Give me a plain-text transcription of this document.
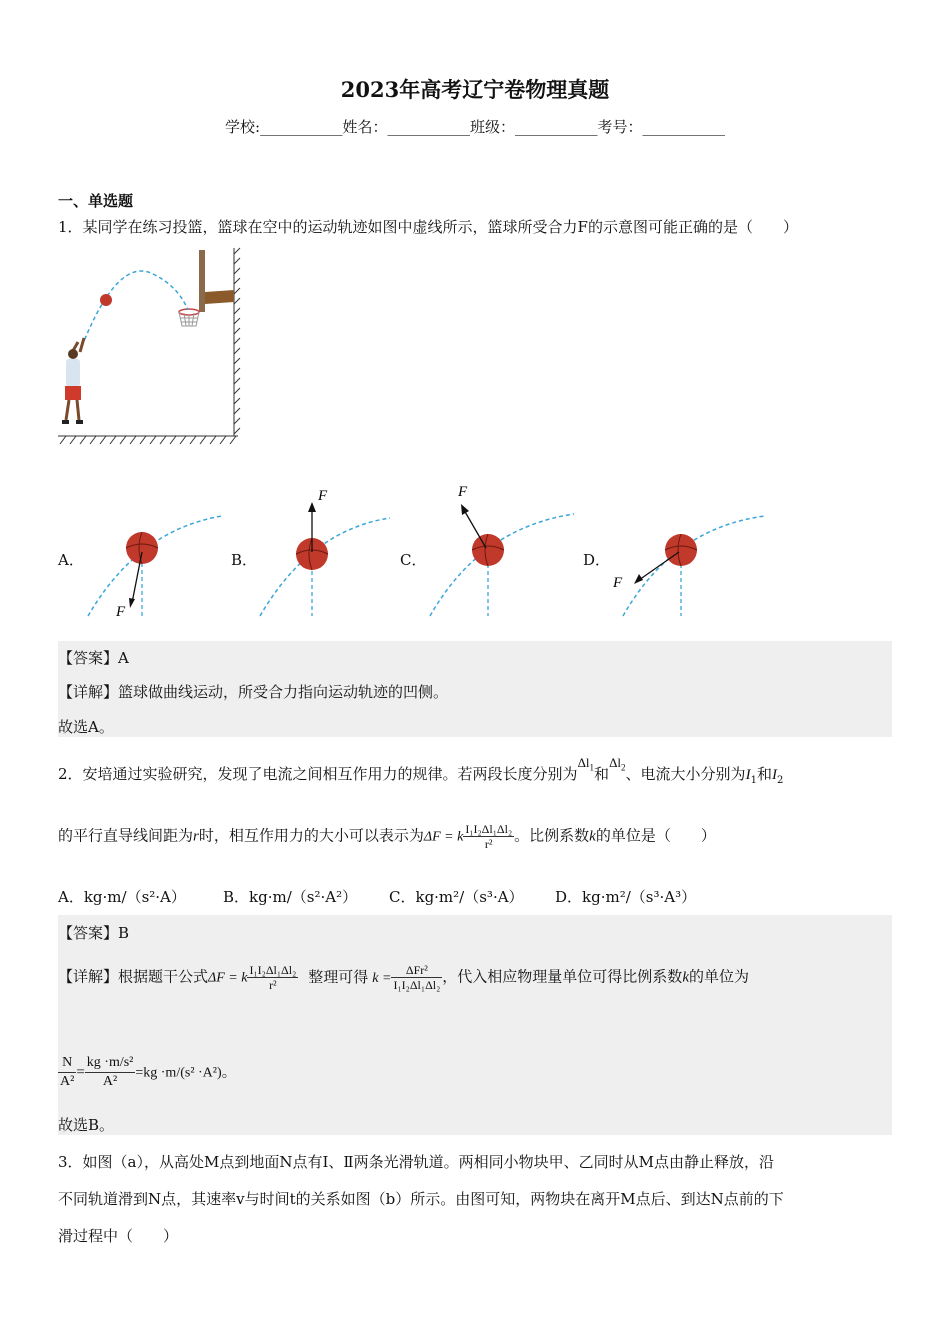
2023年高考辽宁卷物理真题
学校:___________姓名：___________班级：___________考号：___________
一、单选题
1．某同学在练习投篮，篮球在空中的运动轨迹如图中虚线所示，篮球所受合力F的示意图可能正确的是（　　）
A．
F
B．
F
C．
F
D．
F
【答案】A
【详解】篮球做曲线运动，所受合力指向运动轨迹的凹侧。
故选A。
2．安培通过实验研究，发现了电流之间相互作用力的规律。若两段长度分别为$\Delta l_1$和$\Delta l_2$、电流大小分别为$I_1$和$I_2$
的平行直导线间距为r时，相互作用力的大小可以表示为ΔF = k $\frac{\text{I₁I₂Δl₁Δl₂}}{\text{r²}}$ 。比例系数k的单位是（　　）
A．kg·m/（s²·A） B．kg·m/（s²·A²） C．kg·m²/（s³·A） D．kg·m²/（s³·A³）
【答案】B
【详解】根据题干公式ΔF = k $\frac{\text{I₁I₂Δl₁Δl₂}}{\text{r²}}$ 整理可得 $k = \frac{\text{ΔFr²}}{\text{I₁I₂Δl₁Δl₂}}$ ，代入相应物理量单位可得比例系数k的单位为
$\frac{N}{\text{A²}} = \frac{\text{kg ·m/s²}}{\text{A²}} =kg \cdot m/(s^2 \cdot A^2)$。
故选B。
3．如图（a），从高处M点到地面N点有Ⅰ、Ⅱ两条光滑轨道。两相同小物块甲、乙同时从M点由静止释放，沿
不同轨道滑到N点，其速率v与时间t的关系如图（b）所示。由图可知，两物块在离开M点后、到达N点前的下
滑过程中（　　）
